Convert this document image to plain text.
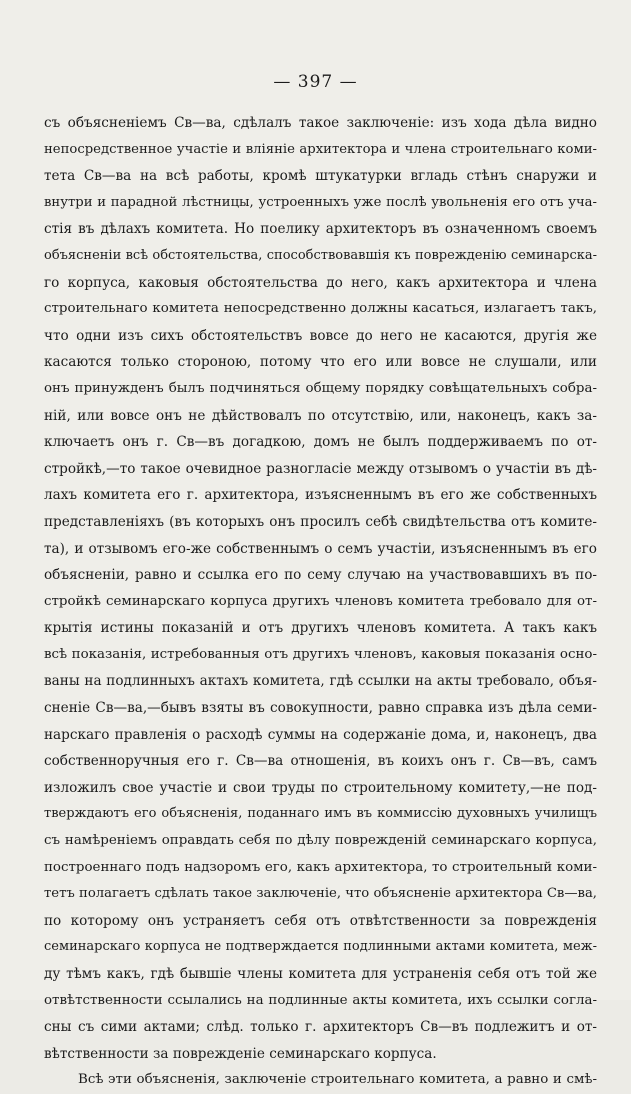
— 397 —
съ объясненіемъ Св—ва, сдѣлалъ такое заключеніе: изъ хода дѣла видно
непосредственное участіе и вліяніе архитектора и члена строительнаго коми-
тета Св—ва на всѣ работы, кромѣ штукатурки вгладь стѣнъ снаружи и
внутри и парадной лѣстницы, устроенныхъ уже послѣ увольненія его отъ уча-
стія въ дѣлахъ комитета. Но поелику архитекторъ въ означенномъ своемъ
объясненіи всѣ обстоятельства, способствовавшія къ поврежденію семинарска-
го корпуса, каковыя обстоятельства до него, какъ архитектора и члена
строительнаго комитета непосредственно должны касаться, излагаетъ такъ,
что одни изъ сихъ обстоятельствъ вовсе до него не касаются, другія же
касаются только стороною, потому что его или вовсе не слушали, или
онъ принужденъ былъ подчиняться общему порядку совѣщательныхъ собра-
ній, или вовсе онъ не дѣйствовалъ по отсутствію, или, наконецъ, какъ за-
ключаетъ онъ г. Св—въ догадкою, домъ не былъ поддерживаемъ по от-
стройкѣ,—то такое очевидное разногласіе между отзывомъ о участіи въ дѣ-
лахъ комитета его г. архитектора, изъясненнымъ въ его же собственныхъ
представленіяхъ (въ которыхъ онъ просилъ себѣ свидѣтельства отъ комите-
та), и отзывомъ его-же собственнымъ о семъ участіи, изъясненнымъ въ его
объясненіи, равно и ссылка его по сему случаю на участвовавшихъ въ по-
стройкѣ семинарскаго корпуса другихъ членовъ комитета требовало для от-
крытія истины показаній и отъ другихъ членовъ комитета. А такъ какъ
всѣ показанія, истребованныя отъ другихъ членовъ, каковыя показанія осно-
ваны на подлинныхъ актахъ комитета, гдѣ ссылки на акты требовало, объя-
сненіе Св—ва,—бывъ взяты въ совокупности, равно справка изъ дѣла семи-
нарскаго правленія о расходѣ суммы на содержаніе дома, и, наконецъ, два
собственноручныя его г. Св—ва отношенія, въ коихъ онъ г. Св—въ, самъ
изложилъ свое участіе и свои труды по строительному комитету,—не под-
тверждаютъ его объясненія, поданнаго имъ въ коммиссію духовныхъ училищъ
съ намѣреніемъ оправдать себя по дѣлу поврежденій семинарскаго корпуса,
построеннаго подъ надзоромъ его, какъ архитектора, то строительный коми-
тетъ полагаетъ сдѣлать такое заключеніе, что объясненіе архитектора Св—ва,
по которому онъ устраняетъ себя отъ отвѣтственности за поврежденія
семинарскаго корпуса не подтверждается подлинными актами комитета, меж-
ду тѣмъ какъ, гдѣ бывшіе члены комитета для устраненія себя отъ той же
отвѣтственности ссылались на подлинные акты комитета, ихъ ссылки согла-
сны съ сими актами; слѣд. только г. архитекторъ Св—въ подлежитъ и от-
вѣтственности за поврежденіе семинарскаго корпуса.
Всѣ эти объясненія, заключеніе строительнаго комитета, а равно и смѣ-
